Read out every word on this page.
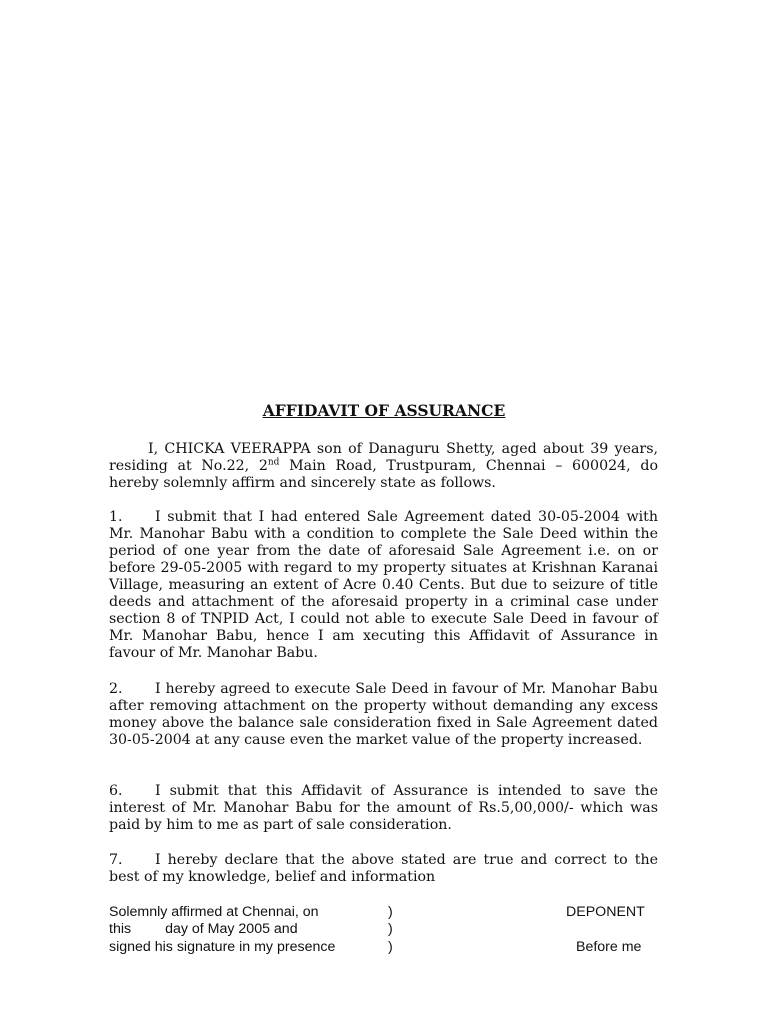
AFFIDAVIT OF ASSURANCE
I, CHICKA VEERAPPA son of Danaguru Shetty, aged about 39 years, residing at No.22, 2nd Main Road, Trustpuram, Chennai – 600024, do hereby solemnly affirm and sincerely state as follows.
1. I submit that I had entered Sale Agreement dated 30-05-2004 with Mr. Manohar Babu with a condition to complete the Sale Deed within the period of one year from the date of aforesaid Sale Agreement i.e. on or before 29-05-2005 with regard to my property situates at Krishnan Karanai Village, measuring an extent of Acre 0.40 Cents. But due to seizure of title deeds and attachment of the aforesaid property in a criminal case under section 8 of TNPID Act, I could not able to execute Sale Deed in favour of Mr. Manohar Babu, hence I am xecuting this Affidavit of Assurance in favour of Mr. Manohar Babu.
2. I hereby agreed to execute Sale Deed in favour of Mr. Manohar Babu after removing attachment on the property without demanding any excess money above the balance sale consideration fixed in Sale Agreement dated 30-05-2004 at any cause even the market value of the property increased.
6. I submit that this Affidavit of Assurance is intended to save the interest of Mr. Manohar Babu for the amount of Rs.5,00,000/- which was paid by him to me as part of sale consideration.
7. I hereby declare that the above stated are true and correct to the best of my knowledge, belief and information
Solemnly affirmed at Chennai, on	)	DEPONENT
this day of May 2005 and	)
signed his signature in my presence	)	Before me
